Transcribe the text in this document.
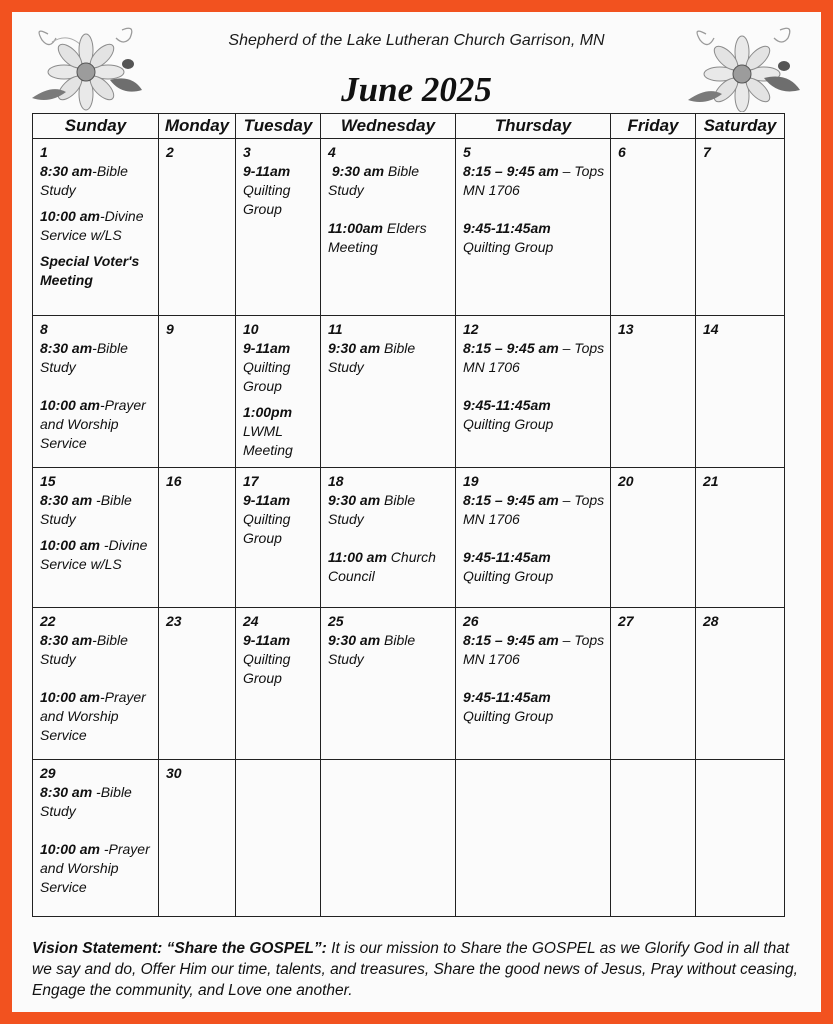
Shepherd of the Lake Lutheran Church Garrison, MN
June 2025
Sunday	Monday	Tuesday	Wednesday	Thursday	Friday	Saturday

1
8:30 am-Bible Study
10:00 am-Divine Service w/LS
Special Voter's Meeting	2	3
9-11am
Quilting Group	4
9:30 am Bible Study
11:00am Elders Meeting	5
8:15 – 9:45 am – Tops MN 1706
9:45-11:45am
Quilting Group	6	7

8
8:30 am-Bible Study
10:00 am-Prayer and Worship Service	9	10
9-11am
Quilting Group
1:00pm
LWML Meeting	11
9:30 am Bible Study	12
8:15 – 9:45 am – Tops MN 1706
9:45-11:45am
Quilting Group	13	14

15
8:30 am -Bible Study
10:00 am -Divine Service w/LS	16	17
9-11am
Quilting Group	18
9:30 am Bible Study
11:00 am Church Council	19
8:15 – 9:45 am – Tops MN 1706
9:45-11:45am
Quilting Group	20	21

22
8:30 am-Bible Study
10:00 am-Prayer and Worship Service	23	24
9-11am
Quilting Group	25
9:30 am Bible Study	26
8:15 – 9:45 am – Tops MN 1706
9:45-11:45am
Quilting Group	27	28

29
8:30 am -Bible Study
10:00 am -Prayer and Worship Service	30					

Vision Statement: “Share the GOSPEL”: It is our mission to Share the GOSPEL as we Glorify God in all that we say and do, Offer Him our time, talents, and treasures, Share the good news of Jesus, Pray without ceasing, Engage the community, and Love one another.
